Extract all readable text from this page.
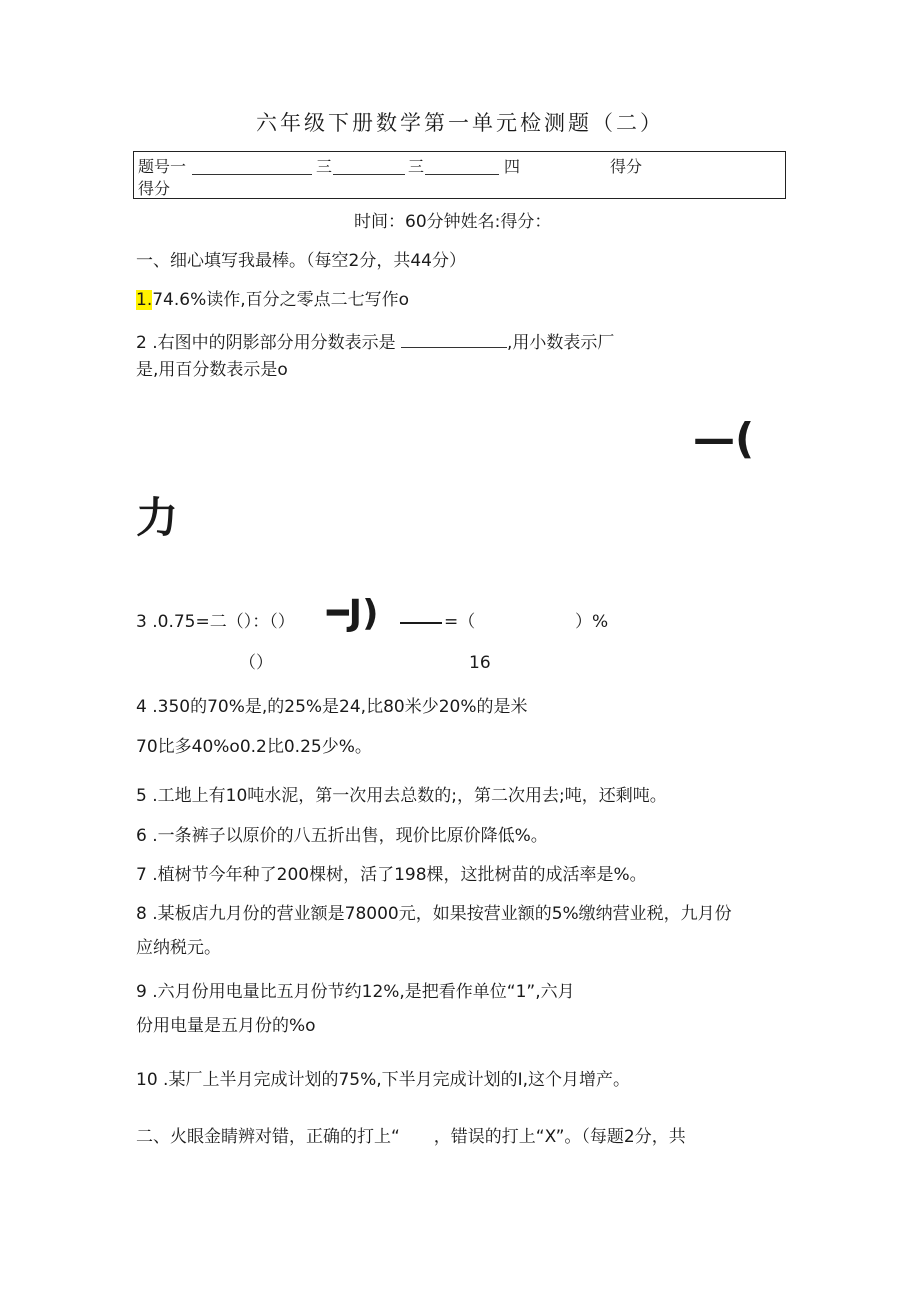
六年级下册数学第一单元检测题（二）
题号一	三	三	四	得分
得分
时间：60分钟姓名:得分：
一、细心填写我最棒。（每空2分，共44分）
1.74.6%读作,百分之零点二七写作o
2 .右图中的阴影部分用分数表示是	,用小数表示厂
是,用百分数表示是o
—(
力
3 .0.75=二（）：（） ━J)	=（	）%
（）	16
4 .350的70%是,的25%是24,比80米少20%的是米
70比多40%o0.2比0.25少%。
5 .工地上有10吨水泥，第一次用去总数的;，第二次用去;吨，还剩吨。
6 .一条裤子以原价的八五折出售，现价比原价降低%。
7 .植树节今年种了200棵树，活了198棵，这批树苗的成活率是%。
8 .某板店九月份的营业额是78000元，如果按营业额的5%缴纳营业税，九月份
应纳税元。
9 .六月份用电量比五月份节约12%,是把看作单位“1”,六月
份用电量是五月份的%o
10 .某厂上半月完成计划的75%,下半月完成计划的I,这个月增产。
二、火眼金睛辨对错，正确的打上“　　，错误的打上“X”。（每题2分，共
